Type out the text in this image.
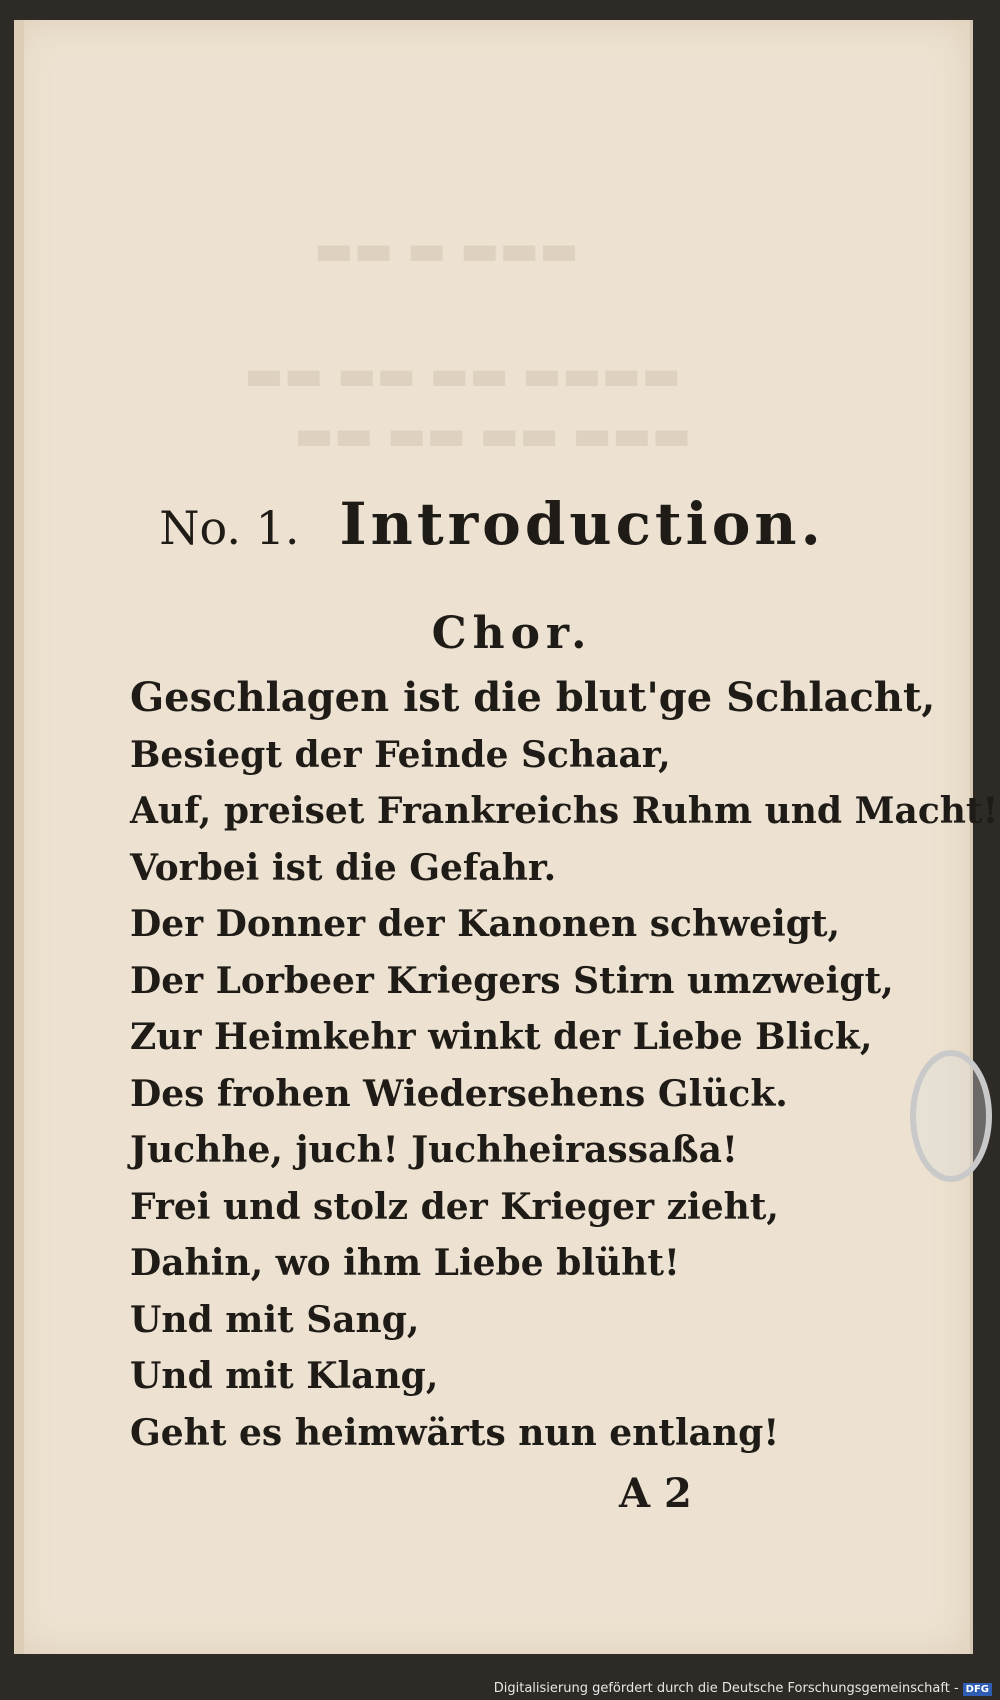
▬▬ ▬ ▬▬▬
▬▬ ▬▬ ▬▬ ▬▬▬▬
▬▬ ▬▬ ▬▬ ▬▬▬
No. 1. Introduction.
Chor.
Geschlagen ist die blut'ge Schlacht,
Besiegt der Feinde Schaar,
Auf, preiset Frankreichs Ruhm und Macht!
Vorbei ist die Gefahr.
Der Donner der Kanonen schweigt,
Der Lorbeer Kriegers Stirn umzweigt,
Zur Heimkehr winkt der Liebe Blick,
Des frohen Wiedersehens Glück.
Juchhe, juch! Juchheirassaßa!
Frei und stolz der Krieger zieht,
Dahin, wo ihm Liebe blüht!
Und mit Sang,
Und mit Klang,
Geht es heimwärts nun entlang!
A 2
Digitalisierung gefördert durch die Deutsche Forschungsgemeinschaft - DFG
